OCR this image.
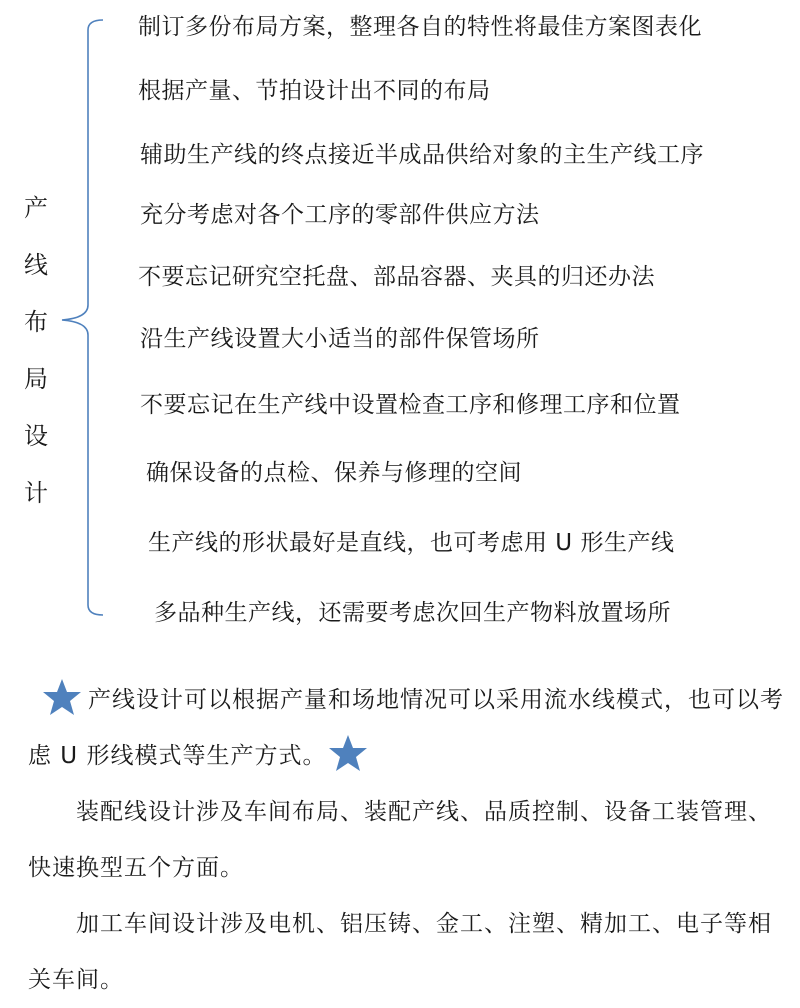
产线布局设计
制订多份布局方案，整理各自的特性将最佳方案图表化
根据产量、节拍设计出不同的布局
辅助生产线的终点接近半成品供给对象的主生产线工序
充分考虑对各个工序的零部件供应方法
不要忘记研究空托盘、部品容器、夹具的归还办法
沿生产线设置大小适当的部件保管场所
不要忘记在生产线中设置检查工序和修理工序和位置
确保设备的点检、保养与修理的空间
生产线的形状最好是直线，也可考虑用 U 形生产线
多品种生产线，还需要考虑次回生产物料放置场所
产线设计可以根据产量和场地情况可以采用流水线模式，也可以考虑 U 形线模式等生产方式。
装配线设计涉及车间布局、装配产线、品质控制、设备工装管理、快速换型五个方面。
加工车间设计涉及电机、铝压铸、金工、注塑、精加工、电子等相关车间。
